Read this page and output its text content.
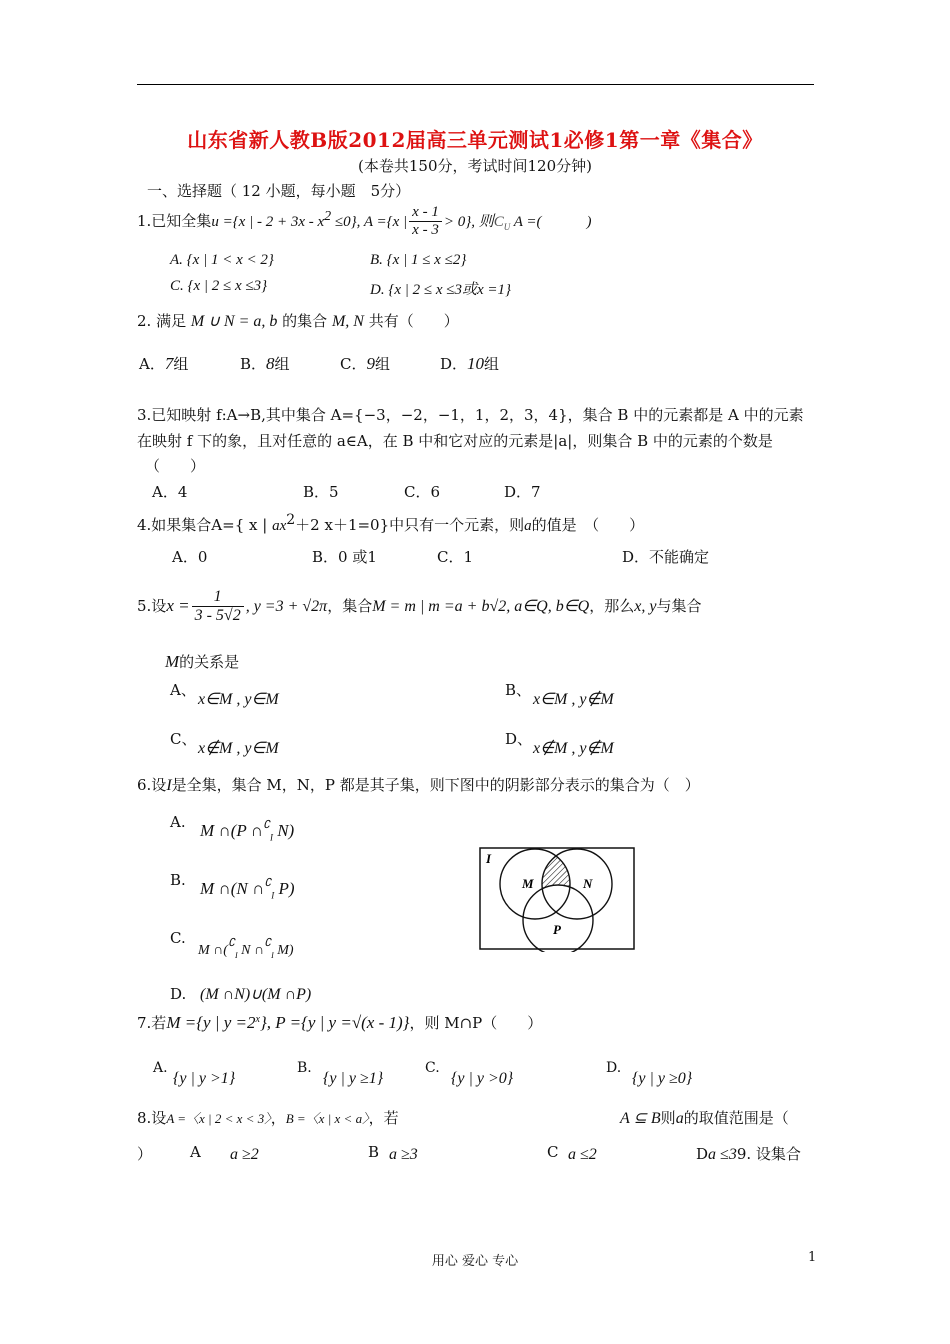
山东省新人教B版2012届高三单元测试1必修1第一章《集合》
(本卷共150分，考试时间120分钟)
一、选择题（ 12 小题，每小题　5分）
1.已知全集u ={x | - $2 + 3x - x^2 \le 0$}, A ={x | $\frac{x - 1}{x - 3} > 0$}, 则$C_U$ A =(　　　)
A. {x | 1 < x < 2}	B. {x | 1 ≤ x ≤2}
C. {x | 2 ≤ x ≤3}	D. {x | 2 ≤ x ≤3或x =1}
2. 满足 M ∪ N = a, b 的集合 M, N 共有（　　）
A．7组	B．8组	C．9组	D．10组
3.已知映射 f:A→B,其中集合 A={−3，−2，−1，1，2，3，4}，集合 B 中的元素都是 A 中的元素
在映射 f 下的象，且对任意的 a∈A，在 B 中和它对应的元素是|a|，则集合 B 中的元素的个数是
（　　）
A．4	B．5	C．6	D．7
4.如果集合A={ x | $ax^2+2$ x＋1=0}中只有一个元素，则a的值是　（　　）
A．0	B．0 或1	C．1	D．不能确定
5.设$x = \frac{1}{3 - 5√2}$ , y =3 + √2π，集合M = m | m =a + b√2, a∈Q, b∈Q，那么x, y与集合
M的关系是
A、
x∈M , y∈M
B、
x∈M , y∉M
C、
x∉M , y∈M
D、
x∉M , y∉M
6.设I是全集，集合 M，N，P 都是其子集，则下图中的阴影部分表示的集合为（　）
A. M ∩(P $\cap^∁_I$ N)
B. M ∩(N $\cap^∁_I$ P)
C.
M $\cap(^∁_I$ N $\cap^∁_I$ M)
D. (M ∩N)∪(M ∩P)
I
M	N
P
7.若M ={y | $y =2^x$}, P ={y | y =√(x - 1)}，则 M∩P（　　）
A.
{y | y >1}
B.
{y | y ≥1}
C.
{y | y >0}
D.
{y | y ≥0}
8.设A =〈x | 2 < x < 3〉，B =〈x | x < a〉，若	A ⊆ B则a的取值范围是（
）	A a ≥2	B a ≥3	C a ≤2	Da ≤39. 设集合
用心 爱心 专心	1
